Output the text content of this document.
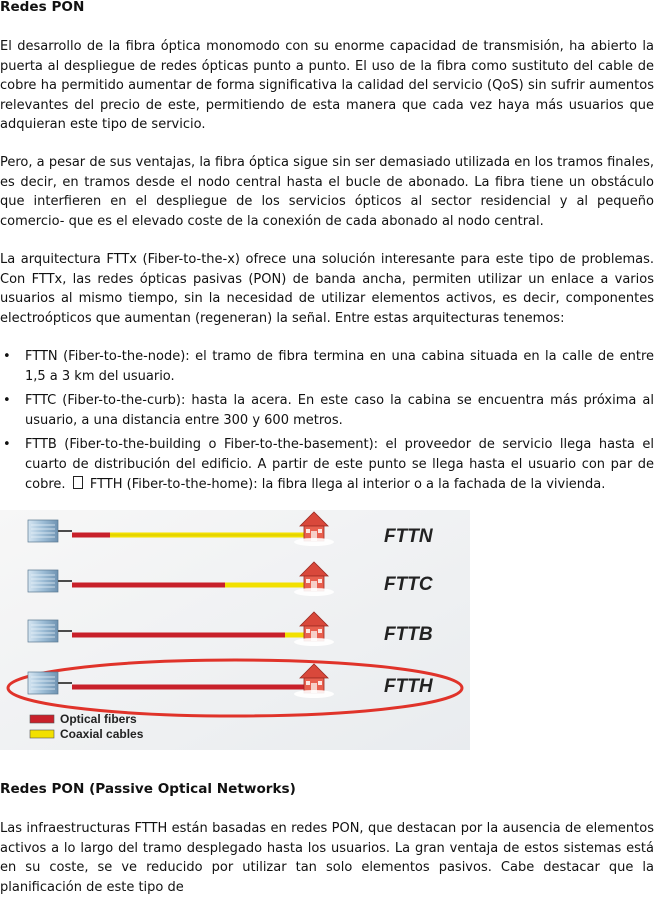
Redes PON

El desarrollo de la fibra óptica monomodo con su enorme capacidad de transmisión, ha abierto la puerta al despliegue de redes ópticas punto a punto. El uso de la fibra como sustituto del cable de cobre ha permitido aumentar de forma significativa la calidad del servicio (QoS) sin sufrir aumentos relevantes del precio de este, permitiendo de esta manera que cada vez haya más usuarios que adquieran este tipo de servicio.

Pero, a pesar de sus ventajas, la fibra óptica sigue sin ser demasiado utilizada en los tramos finales, es decir, en tramos desde el nodo central hasta el bucle de abonado. La fibra tiene un obstáculo que interfieren en el despliegue de los servicios ópticos al sector residencial y al pequeño comercio- que es el elevado coste de la conexión de cada abonado al nodo central.

La arquitectura FTTx (Fiber-to-the-x) ofrece una solución interesante para este tipo de problemas. Con FTTx, las redes ópticas pasivas (PON) de banda ancha, permiten utilizar un enlace a varios usuarios al mismo tiempo, sin la necesidad de utilizar elementos activos, es decir, componentes electroópticos que aumentan (regeneran) la señal. Entre estas arquitecturas tenemos:

• FTTN (Fiber-to-the-node): el tramo de fibra termina en una cabina situada en la calle de entre 1,5 a 3 km del usuario.
• FTTC (Fiber-to-the-curb): hasta la acera. En este caso la cabina se encuentra más próxima al usuario, a una distancia entre 300 y 600 metros.
• FTTB (Fiber-to-the-building o Fiber-to-the-basement): el proveedor de servicio llega hasta el cuarto de distribución del edificio. A partir de este punto se llega hasta el usuario con par de cobre. FTTH (Fiber-to-the-home): la fibra llega al interior o a la fachada de la vivienda.
FTTN
FTTC
FTTB
FTTH
Optical fibers
Coaxial cables
Redes PON (Passive Optical Networks)

Las infraestructuras FTTH están basadas en redes PON, que destacan por la ausencia de elementos activos a lo largo del tramo desplegado hasta los usuarios. La gran ventaja de estos sistemas está en su coste, se ve reducido por utilizar tan solo elementos pasivos. Cabe destacar que la planificación de este tipo de
